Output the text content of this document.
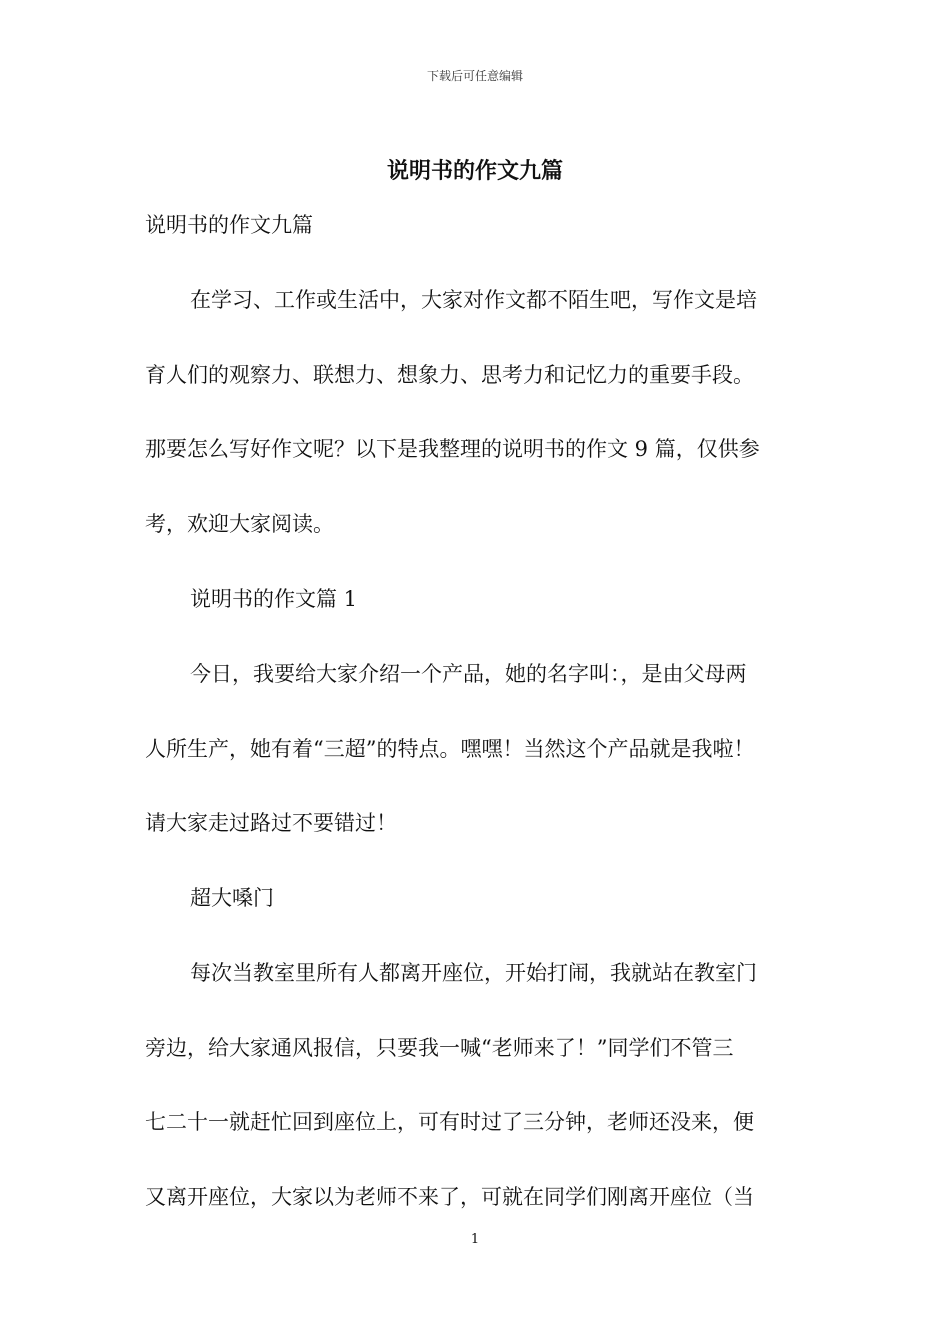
下载后可任意编辑
说明书的作文九篇
说明书的作文九篇
在学习、工作或生活中，大家对作文都不陌生吧，写作文是培
育人们的观察力、联想力、想象力、思考力和记忆力的重要手段。
那要怎么写好作文呢？以下是我整理的说明书的作文 9 篇，仅供参
考，欢迎大家阅读。
说明书的作文篇 1
今日，我要给大家介绍一个产品，她的名字叫：，是由父母两
人所生产，她有着“三超”的特点。嘿嘿！当然这个产品就是我啦！
请大家走过路过不要错过！
超大嗓门
每次当教室里所有人都离开座位，开始打闹，我就站在教室门
旁边，给大家通风报信，只要我一喊“老师来了！”同学们不管三
七二十一就赶忙回到座位上，可有时过了三分钟，老师还没来，便
又离开座位，大家以为老师不来了，可就在同学们刚离开座位（当
1
